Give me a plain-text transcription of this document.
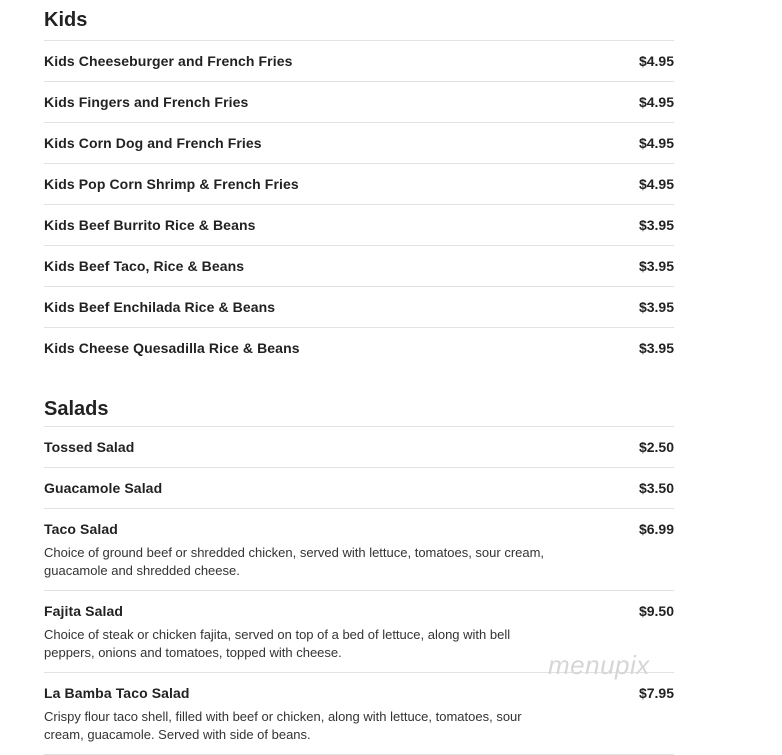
Kids
Kids Cheeseburger and French Fries	$4.95
Kids Fingers and French Fries	$4.95
Kids Corn Dog and French Fries	$4.95
Kids Pop Corn Shrimp & French Fries	$4.95
Kids Beef Burrito Rice & Beans	$3.95
Kids Beef Taco, Rice & Beans	$3.95
Kids Beef Enchilada Rice & Beans	$3.95
Kids Cheese Quesadilla Rice & Beans	$3.95
Salads
Tossed Salad	$2.50
Guacamole Salad	$3.50
Taco Salad	$6.99
Choice of ground beef or shredded chicken, served with lettuce, tomatoes, sour cream, guacamole and shredded cheese.
Fajita Salad	$9.50
Choice of steak or chicken fajita, served on top of a bed of lettuce, along with bell peppers, onions and tomatoes, topped with cheese.
La Bamba Taco Salad	$7.95
Crispy flour taco shell, filled with beef or chicken, along with lettuce, tomatoes, sour cream, guacamole. Served with side of beans.
menupix
